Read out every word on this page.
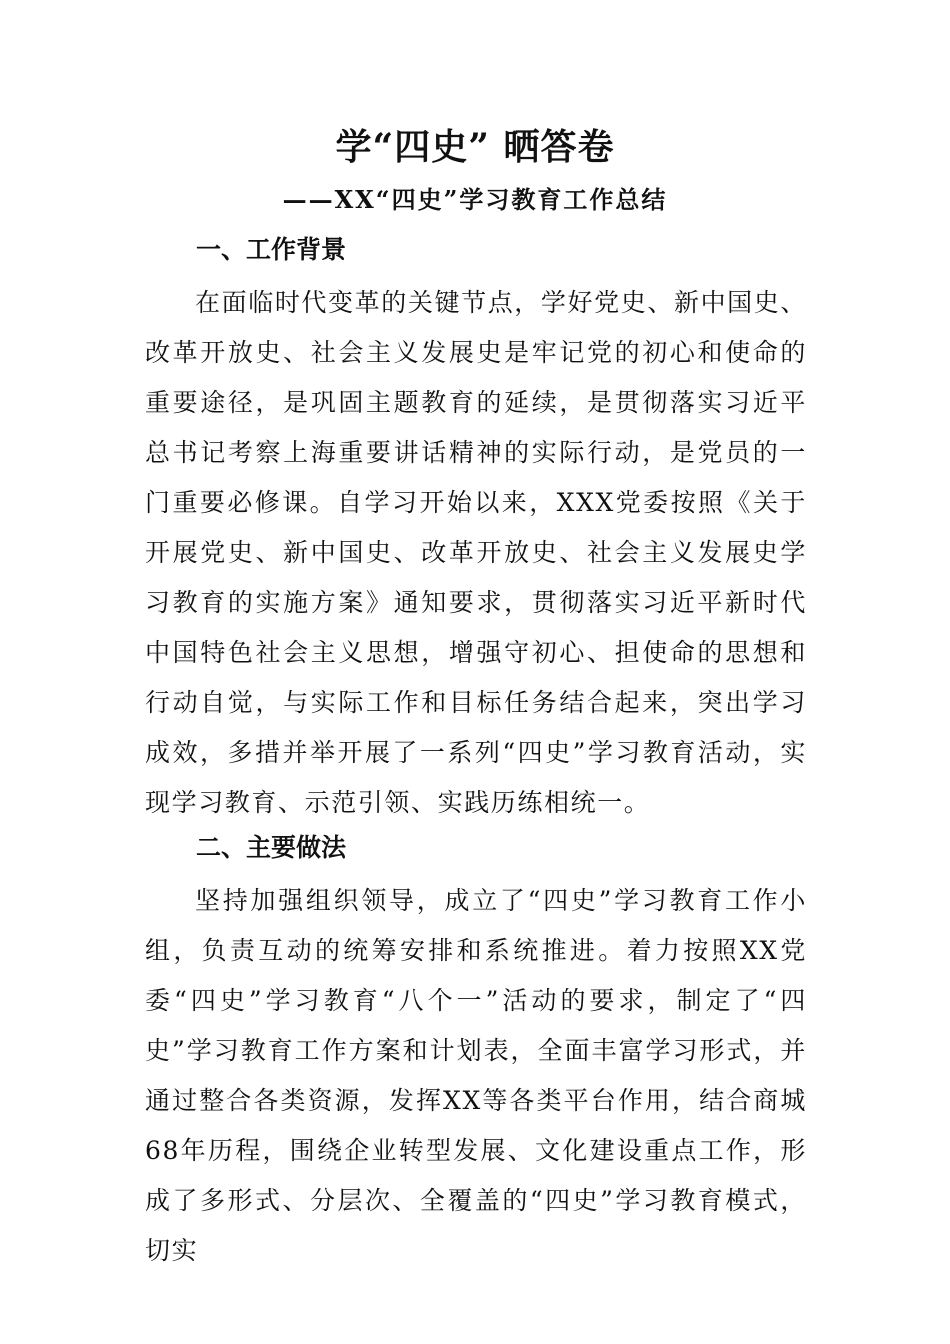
学“四史” 晒答卷
——XX“四史”学习教育工作总结
一、工作背景

在面临时代变革的关键节点，学好党史、新中国史、改革开放史、社会主义发展史是牢记党的初心和使命的重要途径，是巩固主题教育的延续，是贯彻落实习近平总书记考察上海重要讲话精神的实际行动，是党员的一门重要必修课。自学习开始以来，XXX党委按照《关于开展党史、新中国史、改革开放史、社会主义发展史学习教育的实施方案》通知要求，贯彻落实习近平新时代中国特色社会主义思想，增强守初心、担使命的思想和行动自觉，与实际工作和目标任务结合起来，突出学习成效，多措并举开展了一系列“四史”学习教育活动，实现学习教育、示范引领、实践历练相统一。

二、主要做法

坚持加强组织领导，成立了“四史”学习教育工作小组，负责互动的统筹安排和系统推进。着力按照XX党委“四史”学习教育“八个一”活动的要求，制定了“四史”学习教育工作方案和计划表，全面丰富学习形式，并通过整合各类资源，发挥XX等各类平台作用，结合商城68年历程，围绕企业转型发展、文化建设重点工作，形成了多形式、分层次、全覆盖的“四史”学习教育模式，切实
